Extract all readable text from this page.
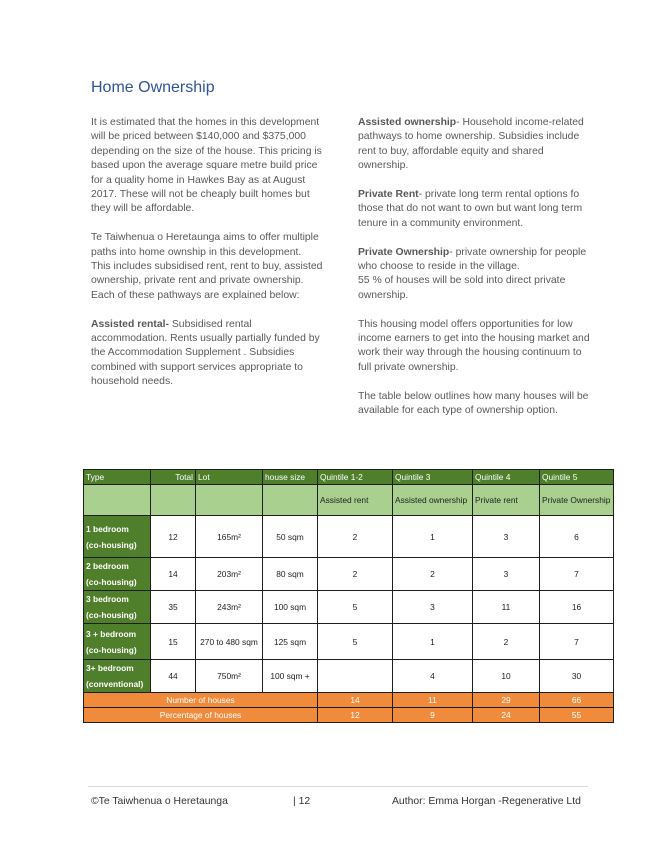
Home Ownership

It is estimated that the homes in this development will be priced between $140,000 and $375,000 depending on the size of the house. This pricing is based upon the average square metre build price for a quality home in Hawkes Bay as at August 2017. These will not be cheaply built homes but they will be affordable.

Te Taiwhenua o Heretaunga aims to offer multiple paths into home ownship in this development. This includes subsidised rent, rent to buy, assisted ownership, private rent and private ownership. Each of these pathways are explained below:

Assisted rental- Subsidised rental accommodation. Rents usually partially funded by the Accommodation Supplement . Subsidies combined with support services appropriate to household needs.

Assisted ownership- Household income-related pathways to home ownership. Subsidies include rent to buy, affordable equity and shared ownership.

Private Rent- private long term rental options fo those that do not want to own but want long term tenure in a community environment.

Private Ownership- private ownership for people who choose to reside in the village.
55 % of houses will be sold into direct private ownership.

This housing model offers opportunities for low income earners to get into the housing market and work their way through the housing continuum to full private ownership.

The table below outlines how many houses will be available for each type of ownership option.

Type	Total	Lot	house size	Quintile 1-2	Quintile 3	Quintile 4	Quintile 5
				Assisted rent	Assisted ownership	Private rent	Private Ownership
1 bedroom
(co-housing)	12	165m²	50 sqm	2	1	3	6
2 bedroom
(co-housing)	14	203m²	80 sqm	2	2	3	7
3 bedroom
(co-housing)	35	243m²	100 sqm	5	3	11	16
3 + bedroom
(co-housing)	15	270 to 480 sqm	125 sqm	5	1	2	7
3+ bedroom
(conventional)	44	750m²	100 sqm +		4	10	30
Number of houses				14	11	29	66
Percentage of houses				12	9	24	55
©Te Taiwhenua o Heretaunga	| 12	Author: Emma Horgan -Regenerative Ltd
